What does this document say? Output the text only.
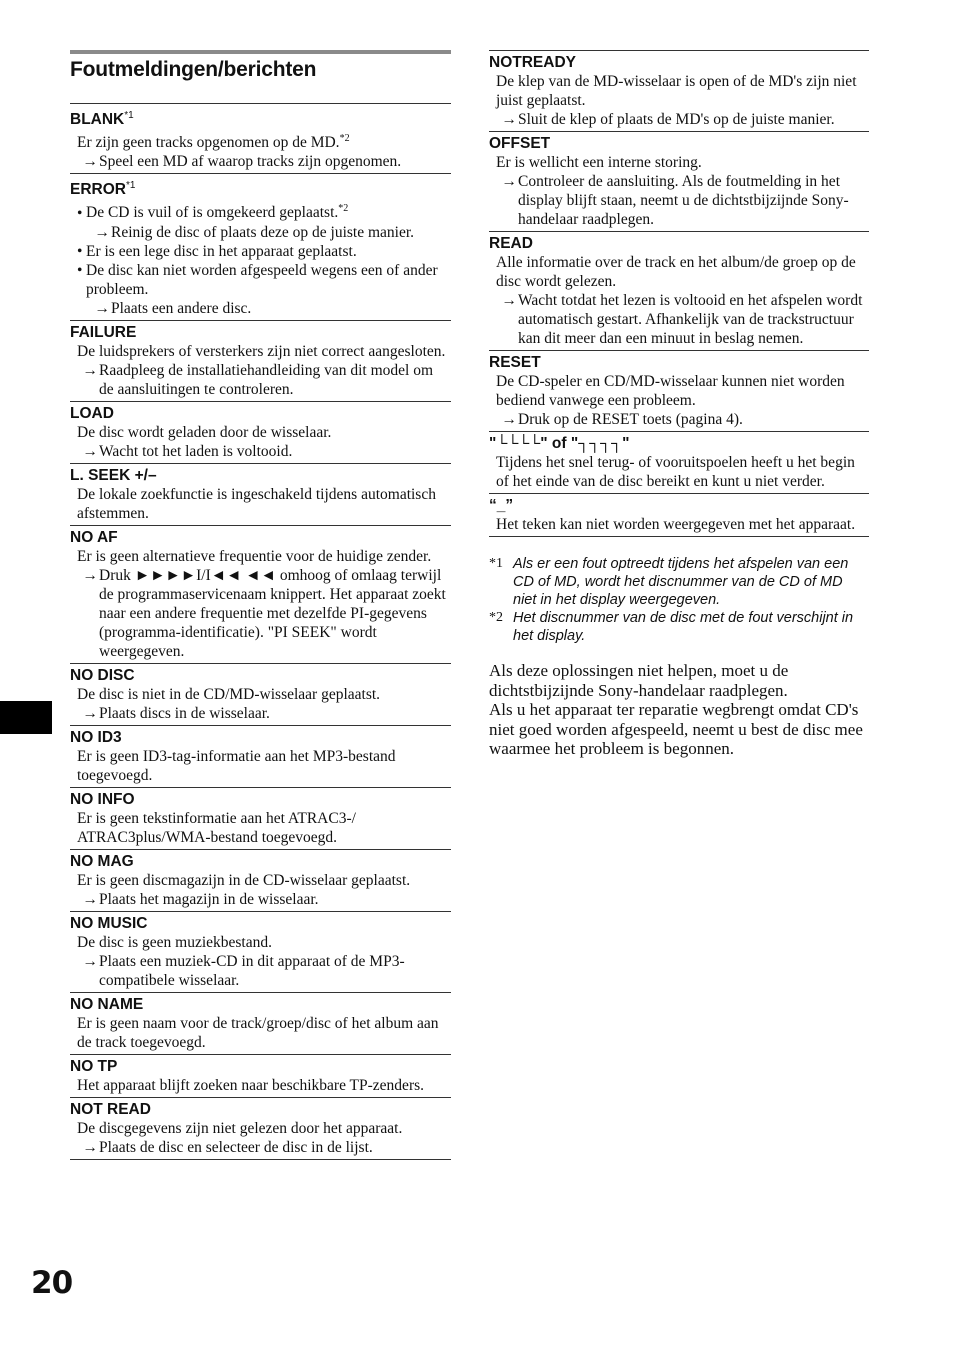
Foutmeldingen/berichten
BLANK$^{*1}$
Er zijn geen tracks opgenomen op de MD.$^{*2}$
→ Speel een MD af waarop tracks zijn opgenomen.
ERROR$^{*1}$
• De CD is vuil of is omgekeerd geplaatst.$^{*2}$
→ Reinig de disc of plaats deze op de juiste manier.
• Er is een lege disc in het apparaat geplaatst.
• De disc kan niet worden afgespeeld wegens een of ander probleem.
→ Plaats een andere disc.
FAILURE
De luidsprekers of versterkers zijn niet correct aangesloten.
→ Raadpleeg de installatiehandleiding van dit model om de aansluitingen te controleren.
LOAD
De disc wordt geladen door de wisselaar.
→ Wacht tot het laden is voltooid.
L. SEEK +/–
De lokale zoekfunctie is ingeschakeld tijdens automatisch afstemmen.
NO AF
Er is geen alternatieve frequentie voor de huidige zender.
→ Druk ►►►►I/I◄◄ ◄◄ omhoog of omlaag terwijl de programmaservicenaam knippert. Het apparaat zoekt naar een andere frequentie met dezelfde PI-gegevens (programma-identificatie). "PI SEEK" wordt weergegeven.
NO DISC
De disc is niet in de CD/MD-wisselaar geplaatst.
→ Plaats discs in de wisselaar.
NO ID3
Er is geen ID3-tag-informatie aan het MP3-bestand toegevoegd.
NO INFO
Er is geen tekstinformatie aan het ATRAC3-/ ATRAC3plus/WMA-bestand toegevoegd.
NO MAG
Er is geen discmagazijn in de CD-wisselaar geplaatst.
→ Plaats het magazijn in de wisselaar.
NO MUSIC
De disc is geen muziekbestand.
→ Plaats een muziek-CD in dit apparaat of de MP3-compatibele wisselaar.
NO NAME
Er is geen naam voor de track/groep/disc of het album aan de track toegevoegd.
NO TP
Het apparaat blijft zoeken naar beschikbare TP-zenders.
NOT READ
De discgegevens zijn niet gelezen door het apparaat.
→ Plaats de disc en selecteer de disc in de lijst.
NOTREADY
De klep van de MD-wisselaar is open of de MD's zijn niet juist geplaatst.
→ Sluit de klep of plaats de MD's op de juiste manier.
OFFSET
Er is wellicht een interne storing.
→ Controleer de aansluiting. Als de foutmelding in het display blijft staan, neemt u de dichtstbijzijnde Sony-handelaar raadplegen.
READ
Alle informatie over de track en het album/de groep op de disc wordt gelezen.
→ Wacht totdat het lezen is voltooid en het afspelen wordt automatisch gestart. Afhankelijk van de trackstructuur kan dit meer dan een minuut in beslag nemen.
RESET
De CD-speler en CD/MD-wisselaar kunnen niet worden bediend vanwege een probleem.
→ Druk op de RESET toets (pagina 4).
"└└└└" of "┐┐┐┐"
Tijdens het snel terug- of vooruitspoelen heeft u het begin of het einde van de disc bereikt en kunt u niet verder.
“_”
Het teken kan niet worden weergegeven met het apparaat.
*1 Als er een fout optreedt tijdens het afspelen van een CD of MD, wordt het discnummer van de CD of MD niet in het display weergegeven.
*2 Het discnummer van de disc met de fout verschijnt in het display.
Als deze oplossingen niet helpen, moet u de dichtstbijzijnde Sony-handelaar raadplegen.
Als u het apparaat ter reparatie wegbrengt omdat CD's niet goed worden afgespeeld, neemt u best de disc mee waarmee het probleem is begonnen.
20
